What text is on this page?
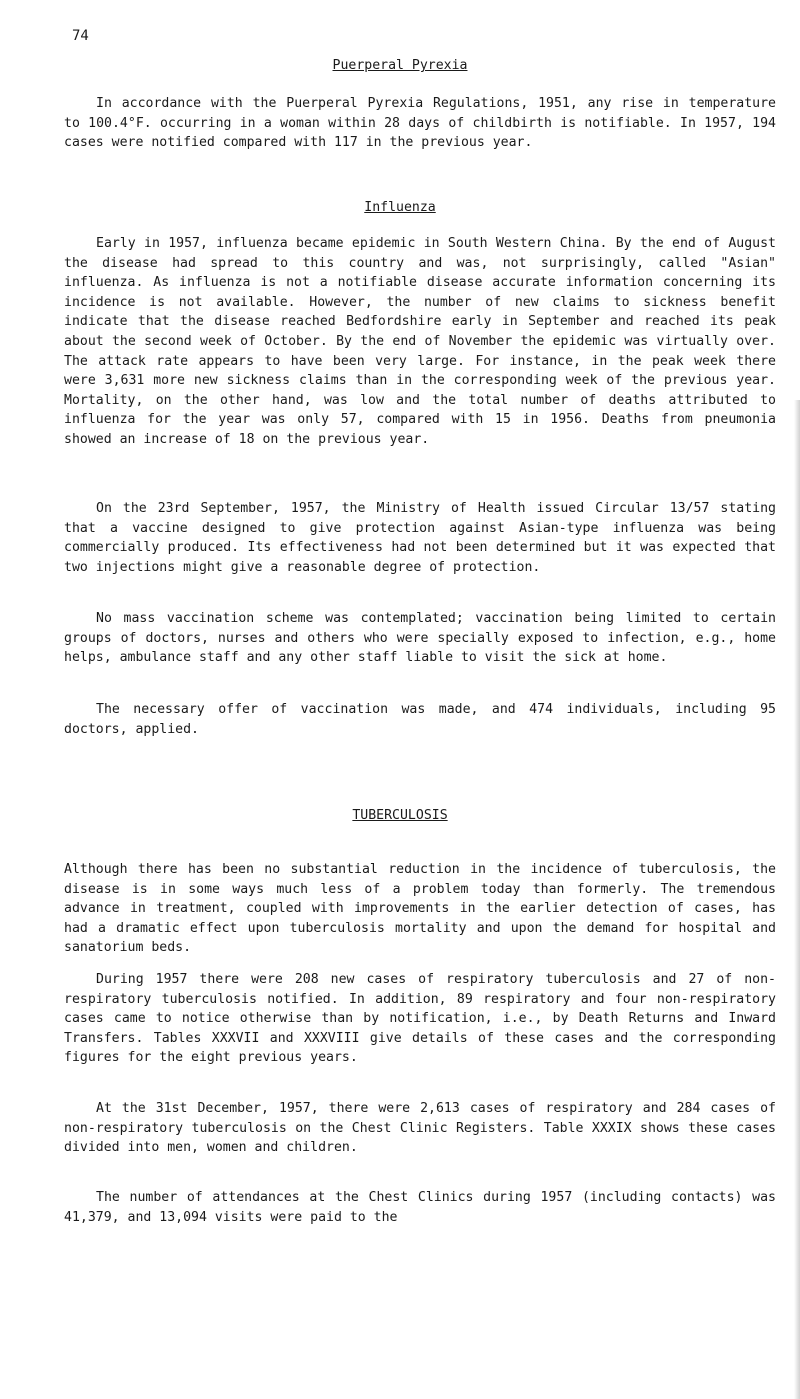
74

Puerperal Pyrexia

In accordance with the Puerperal Pyrexia Regulations, 1951, any rise in temperature to 100.4°F. occurring in a woman within 28 days of childbirth is notifiable. In 1957, 194 cases were notified compared with 117 in the previous year.

Influenza

Early in 1957, influenza became epidemic in South Western China. By the end of August the disease had spread to this country and was, not surprisingly, called "Asian" influenza. As influenza is not a notifiable disease accurate information concerning its incidence is not available. However, the number of new claims to sickness benefit indicate that the disease reached Bedfordshire early in September and reached its peak about the second week of October. By the end of November the epidemic was virtually over. The attack rate appears to have been very large. For instance, in the peak week there were 3,631 more new sickness claims than in the corresponding week of the previous year. Mortality, on the other hand, was low and the total number of deaths attributed to influenza for the year was only 57, compared with 15 in 1956. Deaths from pneumonia showed an increase of 18 on the previous year.

On the 23rd September, 1957, the Ministry of Health issued Circular 13/57 stating that a vaccine designed to give protection against Asian-type influenza was being commercially produced. Its effectiveness had not been determined but it was expected that two injections might give a reasonable degree of protection.

No mass vaccination scheme was contemplated; vaccination being limited to certain groups of doctors, nurses and others who were specially exposed to infection, e.g., home helps, ambulance staff and any other staff liable to visit the sick at home.

The necessary offer of vaccination was made, and 474 individuals, including 95 doctors, applied.

TUBERCULOSIS

Although there has been no substantial reduction in the incidence of tuberculosis, the disease is in some ways much less of a problem today than formerly. The tremendous advance in treatment, coupled with improvements in the earlier detection of cases, has had a dramatic effect upon tuberculosis mortality and upon the demand for hospital and sanatorium beds.

During 1957 there were 208 new cases of respiratory tuberculosis and 27 of non-respiratory tuberculosis notified. In addition, 89 respiratory and four non-respiratory cases came to notice otherwise than by notification, i.e., by Death Returns and Inward Transfers. Tables XXXVII and XXXVIII give details of these cases and the corresponding figures for the eight previous years.

At the 31st December, 1957, there were 2,613 cases of respiratory and 284 cases of non-respiratory tuberculosis on the Chest Clinic Registers. Table XXXIX shows these cases divided into men, women and children.

The number of attendances at the Chest Clinics during 1957 (including contacts) was 41,379, and 13,094 visits were paid to the
